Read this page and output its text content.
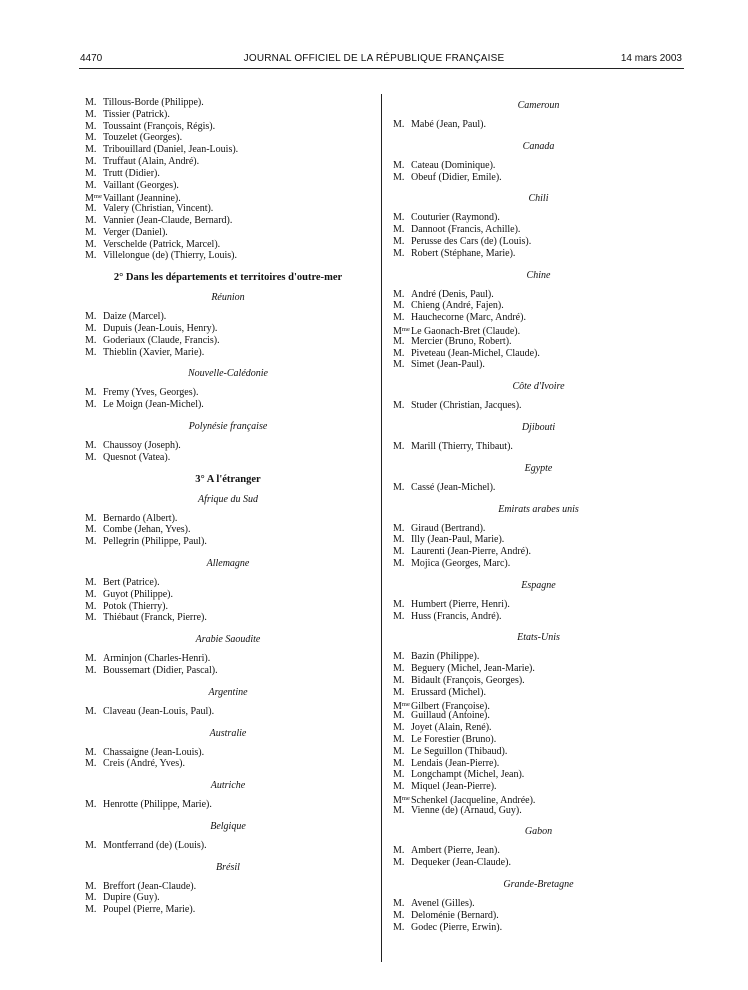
4470	JOURNAL OFFICIEL DE LA RÉPUBLIQUE FRANÇAISE	14 mars 2003
M. Tillous-Borde (Philippe).
M. Tissier (Patrick).
M. Toussaint (François, Régis).
M. Touzelet (Georges).
M. Tribouillard (Daniel, Jean-Louis).
M. Truffaut (Alain, André).
M. Trutt (Didier).
M. Vaillant (Georges).
$M^{me}Vaillant$ (Jeannine).
M. Valery (Christian, Vincent).
M. Vannier (Jean-Claude, Bernard).
M. Verger (Daniel).
M. Verschelde (Patrick, Marcel).
M. Villelongue (de) (Thierry, Louis).
2° Dans les départements et territoires d'outre-mer
Réunion
M. Daize (Marcel).
M. Dupuis (Jean-Louis, Henry).
M. Goderiaux (Claude, Francis).
M. Thieblin (Xavier, Marie).
Nouvelle-Calédonie
M. Fremy (Yves, Georges).
M. Le Moign (Jean-Michel).
Polynésie française
M. Chaussoy (Joseph).
M. Quesnot (Vatea).
3° A l'étranger
Afrique du Sud
M. Bernardo (Albert).
M. Combe (Jehan, Yves).
M. Pellegrin (Philippe, Paul).
Allemagne
M. Bert (Patrice).
M. Guyot (Philippe).
M. Potok (Thierry).
M. Thiébaut (Franck, Pierre).
Arabie Saoudite
M. Arminjon (Charles-Henri).
M. Boussemart (Didier, Pascal).
Argentine
M. Claveau (Jean-Louis, Paul).
Australie
M. Chassaigne (Jean-Louis).
M. Creis (André, Yves).
Autriche
M. Henrotte (Philippe, Marie).
Belgique
M. Montferrand (de) (Louis).
Brésil
M. Breffort (Jean-Claude).
M. Dupire (Guy).
M. Poupel (Pierre, Marie).
Cameroun
M. Mabé (Jean, Paul).
Canada
M. Cateau (Dominique).
M. Obeuf (Didier, Emile).
Chili
M. Couturier (Raymond).
M. Dannoot (Francis, Achille).
M. Perusse des Cars (de) (Louis).
M. Robert (Stéphane, Marie).
Chine
M. André (Denis, Paul).
M. Chieng (André, Fajen).
M. Hauchecorne (Marc, André).
$M^{me}Le$ Gaonach-Bret (Claude).
M. Mercier (Bruno, Robert).
M. Piveteau (Jean-Michel, Claude).
M. Simet (Jean-Paul).
Côte d'Ivoire
M. Studer (Christian, Jacques).
Djibouti
M. Marill (Thierry, Thibaut).
Egypte
M. Cassé (Jean-Michel).
Emirats arabes unis
M. Giraud (Bertrand).
M. Illy (Jean-Paul, Marie).
M. Laurenti (Jean-Pierre, André).
M. Mojica (Georges, Marc).
Espagne
M. Humbert (Pierre, Henri).
M. Huss (Francis, André).
Etats-Unis
M. Bazin (Philippe).
M. Beguery (Michel, Jean-Marie).
M. Bidault (François, Georges).
M. Erussard (Michel).
$M^{me}Gilbert$ (Françoise).
M. Guillaud (Antoine).
M. Joyet (Alain, René).
M. Le Forestier (Bruno).
M. Le Seguillon (Thibaud).
M. Lendais (Jean-Pierre).
M. Longchampt (Michel, Jean).
M. Miquel (Jean-Pierre).
$M^{me}Schenkel$ (Jacqueline, Andrée).
M. Vienne (de) (Arnaud, Guy).
Gabon
M. Ambert (Pierre, Jean).
M. Dequeker (Jean-Claude).
Grande-Bretagne
M. Avenel (Gilles).
M. Deloménie (Bernard).
M. Godec (Pierre, Erwin).
